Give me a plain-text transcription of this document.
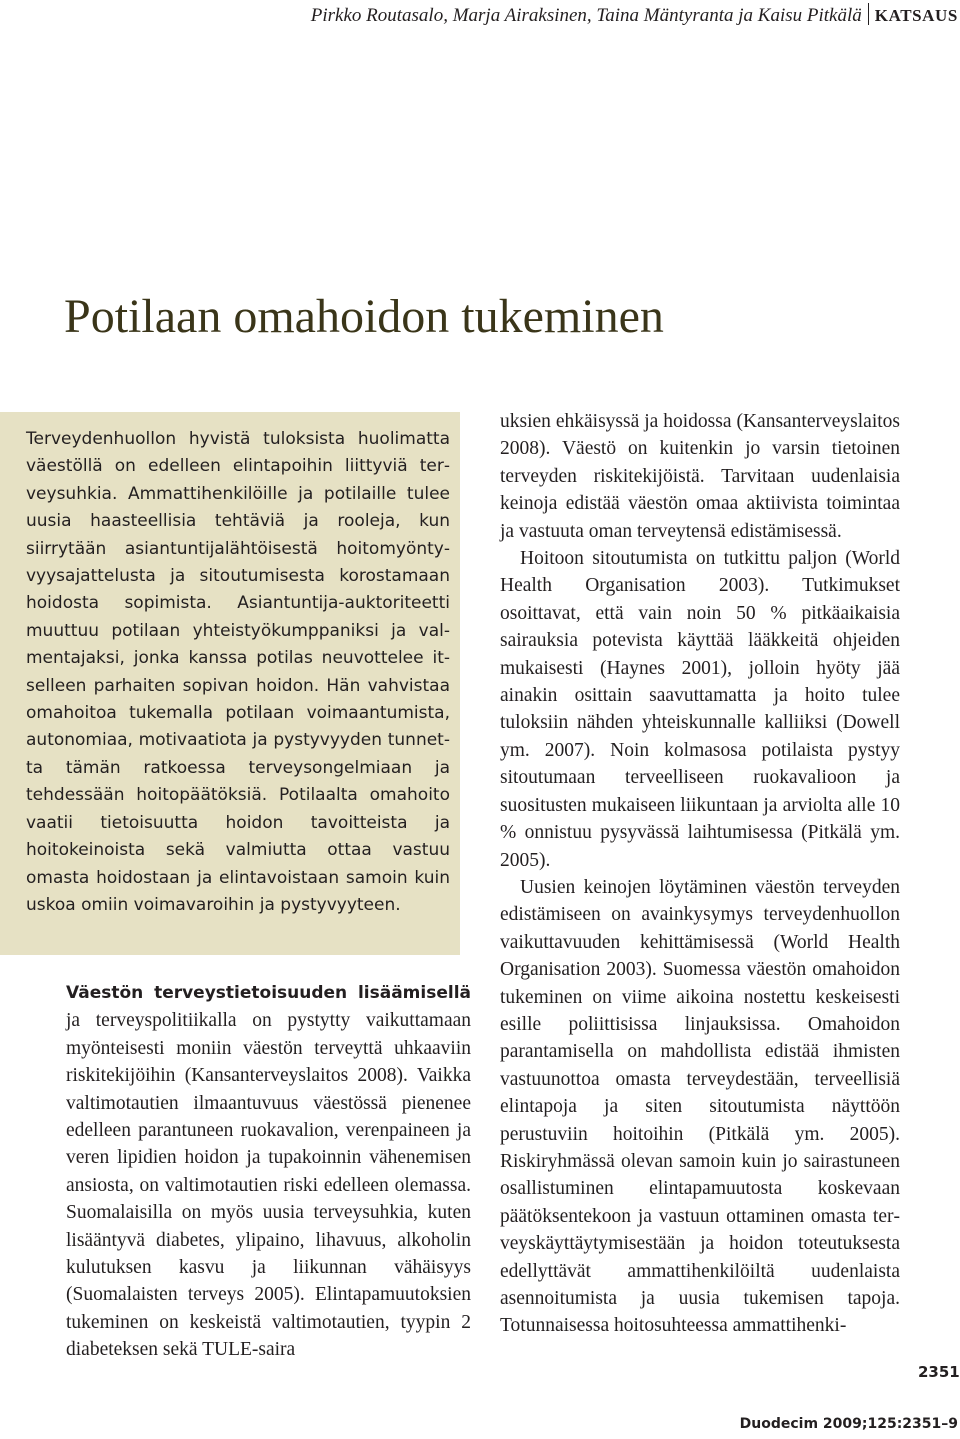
Pirkko Routasalo, Marja Airaksinen, Taina Mäntyranta ja Kaisu Pitkälä KATSAUS
Potilaan omahoidon tukeminen

Terveydenhuollon hyvistä tuloksista huolimatta väestöllä on edelleen elintapoihin liittyviä terveysuhkia. Ammattihenkilöille ja potilaille tulee uusia haasteellisia tehtäviä ja rooleja, kun siirrytään asiantuntijalähtöisestä hoitomyöntyvyysajattelusta ja sitoutumisesta korostamaan hoidosta sopimista. Asiantuntija-auktoriteetti muuttuu potilaan yhteistyökumppaniksi ja valmentajaksi, jonka kanssa potilas neuvottelee itselleen parhaiten sopivan hoidon. Hän vahvistaa omahoitoa tukemalla potilaan voimaantumista, autonomiaa, motivaatiota ja pystyvyyden tunnetta tämän ratkoessa terveysongelmiaan ja tehdessään hoitopäätöksiä. Potilaalta omahoito vaatii tietoisuutta hoidon tavoitteista ja hoitokeinoista sekä valmiutta ottaa vastuu omasta hoidostaan ja elintavoistaan samoin kuin uskoa omiin voimavaroihin ja pystyvyyteen.

Väestön terveystietoisuuden lisäämisellä ja terveyspolitiikalla on pystytty vaikuttamaan myönteisesti moniin väestön terveyttä uhkaaviin riskitekijöihin (Kansanterveyslaitos 2008). Vaikka valtimotautien ilmaantuvuus väestössä pienenee edelleen parantuneen ruokavalion, verenpaineen ja veren lipidien hoidon ja tupakoinnin vähenemisen ansiosta, on valtimotautien riski edelleen olemassa. Suomalaisilla on myös uusia terveysuhkia, kuten lisääntyvä diabetes, ylipaino, lihavuus, alkoholin kulutuksen kasvu ja liikunnan vähäisyys (Suomalaisten terveys 2005). Elintapamuutoksien tukeminen on keskeistä valtimotautien, tyypin 2 diabeteksen sekä TULE-saira

uksien ehkäisyssä ja hoidossa (Kansanterveyslaitos 2008). Väestö on kuitenkin jo varsin tietoinen terveyden riskitekijöistä. Tarvitaan uudenlaisia keinoja edistää väestön omaa aktiivista toimintaa ja vastuuta oman terveytensä edistämisessä.

Hoitoon sitoutumista on tutkittu paljon (World Health Organisation 2003). Tutkimukset osoittavat, että vain noin 50 % pitkäaikaisia sairauksia potevista käyttää lääkkeitä ohjeiden mukaisesti (Haynes 2001), jolloin hyöty jää ainakin osittain saavuttamatta ja hoito tulee tuloksiin nähden yhteiskunnalle kalliiksi (Dowell ym. 2007). Noin kolmasosa potilaista pystyy sitoutumaan terveelliseen ruokavalioon ja suositusten mukaiseen liikuntaan ja arviolta alle 10 % onnistuu pysyvässä laihtumisessa (Pitkälä ym. 2005).

Uusien keinojen löytäminen väestön terveyden edistämiseen on avainkysymys terveydenhuollon vaikuttavuuden kehittämisessä (World Health Organisation 2003). Suomessa väestön omahoidon tukeminen on viime aikoina nostettu keskeisesti esille poliittisissa linjauksissa. Omahoidon parantamisella on mahdollista edistää ihmisten vastuunottoa omasta terveydestään, terveellisiä elintapoja ja siten sitoutumista näyttöön perustuviin hoitoihin (Pitkälä ym. 2005). Riskiryhmässä olevan samoin kuin jo sairastuneen osallistuminen elintapamuutosta koskevaan päätöksentekoon ja vastuun ottaminen omasta terveyskäyttäytymisestään ja hoidon toteutuksesta edellyttävät ammattihenkilöiltä uudenlaista asennoitumista ja uusia tukemisen tapoja. Totunnaisessa hoitosuhteessa ammattihenki-

2351
Duodecim 2009;125:2351–9
